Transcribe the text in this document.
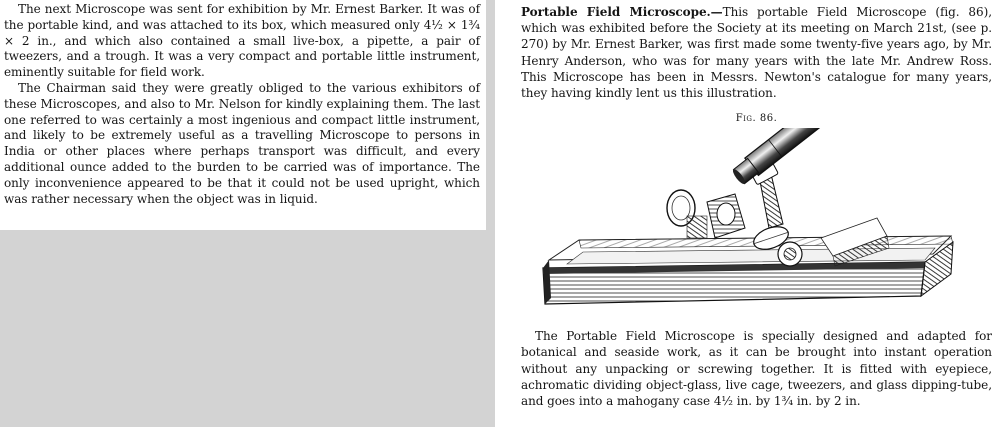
The next Microscope was sent for exhibition by Mr. Ernest Barker. It was of the portable kind, and was attached to its box, which measured only 4½ × 1¾ × 2 in., and which also contained a small live-box, a pipette, a pair of tweezers, and a trough. It was a very compact and portable little instrument, eminently suitable for field work.

The Chairman said they were greatly obliged to the various exhibitors of these Microscopes, and also to Mr. Nelson for kindly explaining them. The last one referred to was certainly a most ingenious and compact little instrument, and likely to be extremely useful as a travelling Microscope to persons in India or other places where perhaps transport was difficult, and every additional ounce added to the burden to be carried was of importance. The only inconvenience appeared to be that it could not be used upright, which was rather necessary when the object was in liquid.

Portable Field Microscope.—This portable Field Microscope (fig. 86), which was exhibited before the Society at its meeting on March 21st, (see p. 270) by Mr. Ernest Barker, was first made some twenty-five years ago, by Mr. Henry Anderson, who was for many years with the late Mr. Andrew Ross. This Microscope has been in Messrs. Newton's catalogue for many years, they having kindly lent us this illustration.

Fig. 86.

The Portable Field Microscope is specially designed and adapted for botanical and seaside work, as it can be brought into instant operation without any unpacking or screwing together. It is fitted with eyepiece, achromatic dividing object-glass, live cage, tweezers, and glass dipping-tube, and goes into a mahogany case 4½ in. by 1¾ in. by 2 in.
